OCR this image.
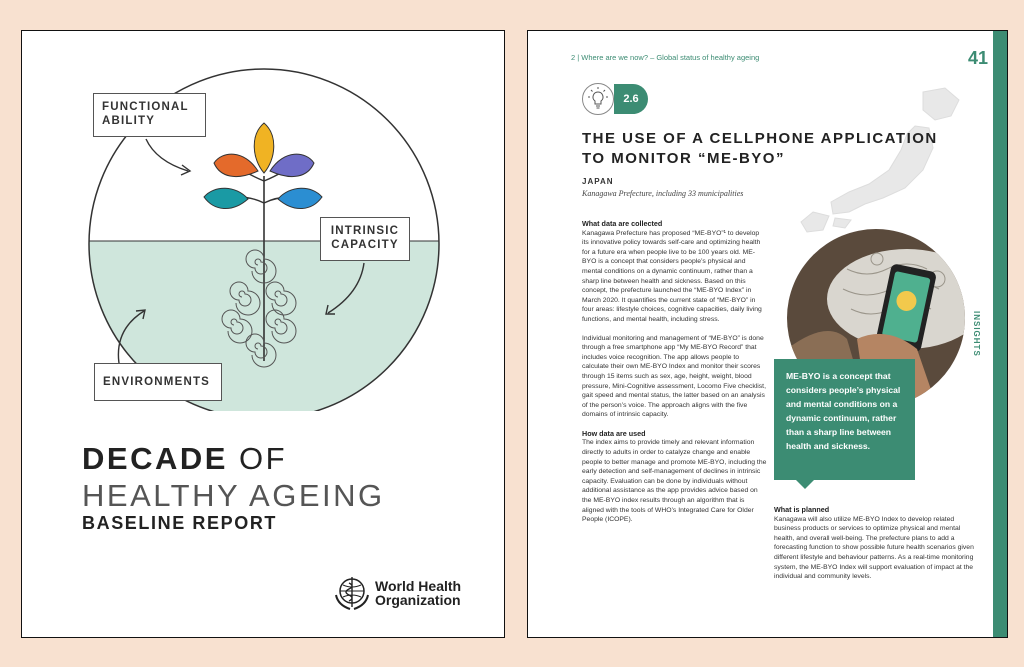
FUNCTIONAL ABILITY
INTRINSIC CAPACITY
ENVIRONMENTS
DECADE OF
HEALTHY AGEING
BASELINE REPORT
World Health
Organization
2 | Where are we now? – Global status of healthy ageing	41
INSIGHTS
2.6
THE USE OF A CELLPHONE APPLICATION
TO MONITOR “ME-BYO”
JAPAN
Kanagawa Prefecture, including 33 municipalities
What data are collected

Kanagawa Prefecture has proposed “ME-BYO”¹ to develop its innovative policy towards self-care and optimizing health for a future era when people live to be 100 years old. ME-BYO is a concept that considers people’s physical and mental conditions on a dynamic continuum, rather than a sharp line between health and sickness. Based on this concept, the prefecture launched the “ME-BYO Index” in March 2020. It quantifies the current state of “ME-BYO” in four areas: lifestyle choices, cognitive capacities, daily living functions, and mental health, including stress.

Individual monitoring and management of “ME-BYO” is done through a free smartphone app “My ME-BYO Record” that includes voice recognition. The app allows people to calculate their own ME-BYO Index and monitor their scores through 15 items such as sex, age, height, weight, blood pressure, Mini-Cognitive assessment, Locomo Five checklist, gait speed and mental status, the latter based on an analysis of the person’s voice. The approach aligns with the five domains of intrinsic capacity.

How data are used

The index aims to provide timely and relevant information directly to adults in order to catalyze change and enable people to better manage and promote ME-BYO, including the early detection and self-management of declines in intrinsic capacity. Evaluation can be done by individuals without additional assistance as the app provides advice based on the ME-BYO index results through an algorithm that is aligned with the tools of WHO’s Integrated Care for Older People (ICOPE).

ME-BYO is a concept that considers people’s physical and mental conditions on a dynamic continuum, rather than a sharp line between health and sickness.
What is planned

Kanagawa will also utilize ME-BYO Index to develop related business products or services to optimize physical and mental health, and overall well-being. The prefecture plans to add a forecasting function to show possible future health scenarios given different lifestyle and behaviour patterns. As a real-time monitoring system, the ME-BYO Index will support evaluation of impact at the individual and community levels.
